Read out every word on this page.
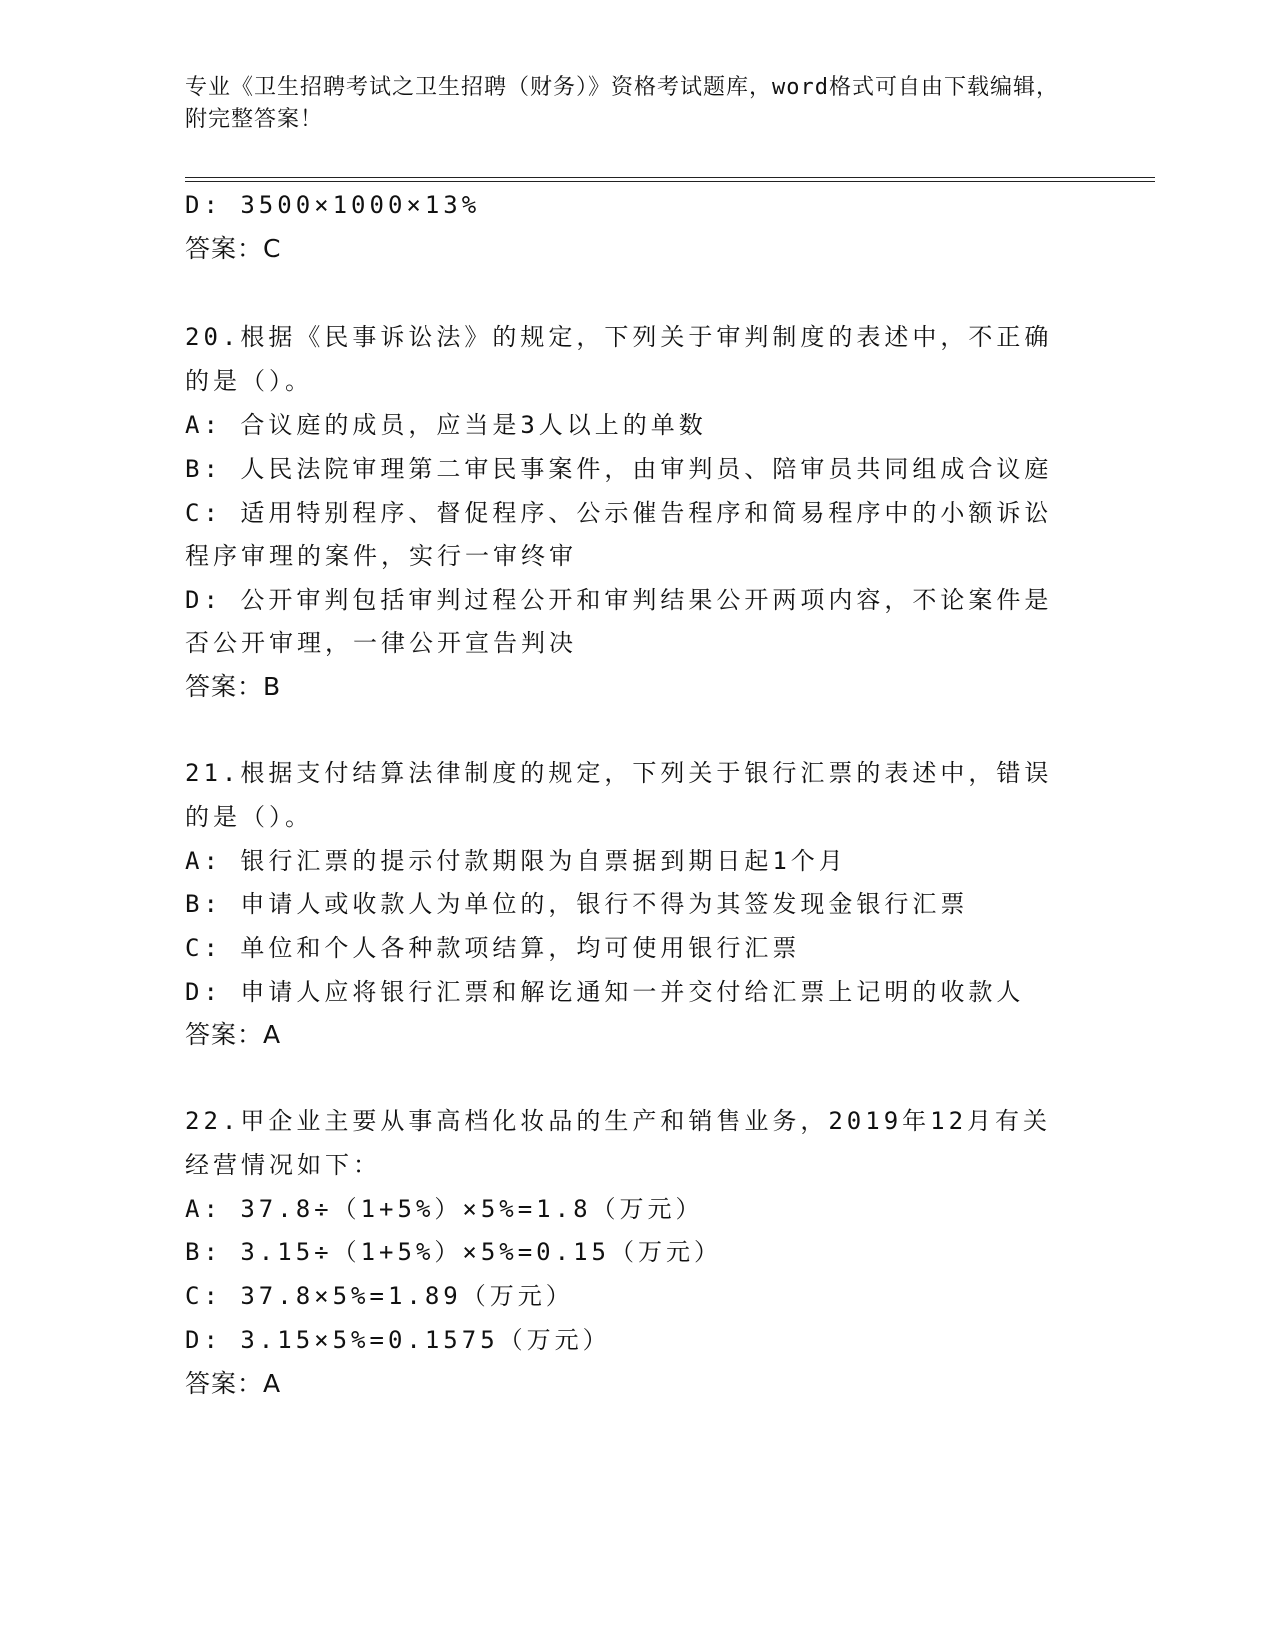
专业《卫生招聘考试之卫生招聘（财务）》资格考试题库，word格式可自由下载编辑，附完整答案！
D: 3500×1000×13%
答案：C
20.根据《民事诉讼法》的规定，下列关于审判制度的表述中，不正确
的是（）。
A: 合议庭的成员，应当是3人以上的单数
B: 人民法院审理第二审民事案件，由审判员、陪审员共同组成合议庭
C: 适用特别程序、督促程序、公示催告程序和简易程序中的小额诉讼
程序审理的案件，实行一审终审
D: 公开审判包括审判过程公开和审判结果公开两项内容，不论案件是
否公开审理，一律公开宣告判决
答案：B
21.根据支付结算法律制度的规定，下列关于银行汇票的表述中，错误
的是（）。
A: 银行汇票的提示付款期限为自票据到期日起1个月
B: 申请人或收款人为单位的，银行不得为其签发现金银行汇票
C: 单位和个人各种款项结算，均可使用银行汇票
D: 申请人应将银行汇票和解讫通知一并交付给汇票上记明的收款人
答案：A
22.甲企业主要从事高档化妆品的生产和销售业务，2019年12月有关
经营情况如下：
A: 37.8÷（1+5%）×5%=1.8（万元）
B: 3.15÷（1+5%）×5%=0.15（万元）
C: 37.8×5%=1.89（万元）
D: 3.15×5%=0.1575（万元）
答案：A
